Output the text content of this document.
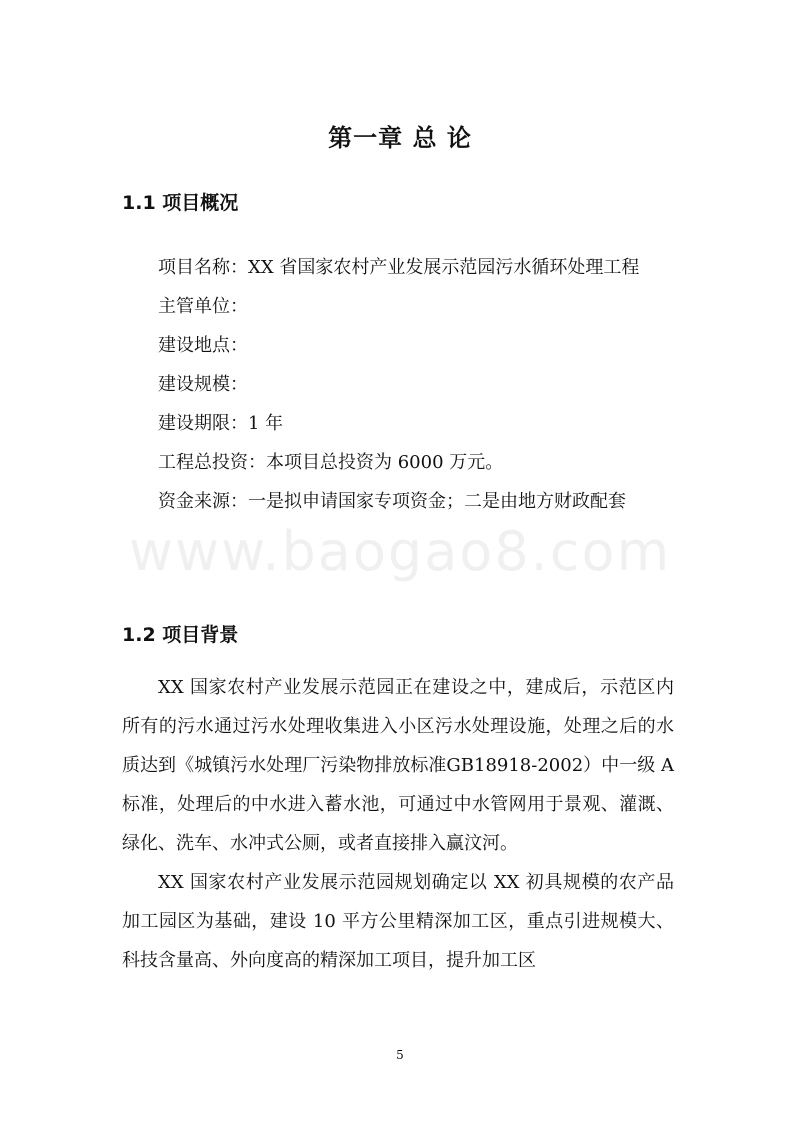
www.baogao8.com
第一章 总 论
1.1 项目概况

项目名称：XX 省国家农村产业发展示范园污水循环处理工程

主管单位：

建设地点：

建设规模：

建设期限：1 年

工程总投资：本项目总投资为 6000 万元。

资金来源：一是拟申请国家专项资金；二是由地方财政配套

1.2 项目背景

XX 国家农村产业发展示范园正在建设之中，建成后，示范区内所有的污水通过污水处理收集进入小区污水处理设施，处理之后的水质达到《城镇污水处理厂污染物排放标准GB18918-2002）中一级 A 标准，处理后的中水进入蓄水池，可通过中水管网用于景观、灌溉、绿化、洗车、水冲式公厕，或者直接排入赢汶河。

XX 国家农村产业发展示范园规划确定以 XX 初具规模的农产品加工园区为基础，建设 10 平方公里精深加工区，重点引进规模大、科技含量高、外向度高的精深加工项目，提升加工区

5
